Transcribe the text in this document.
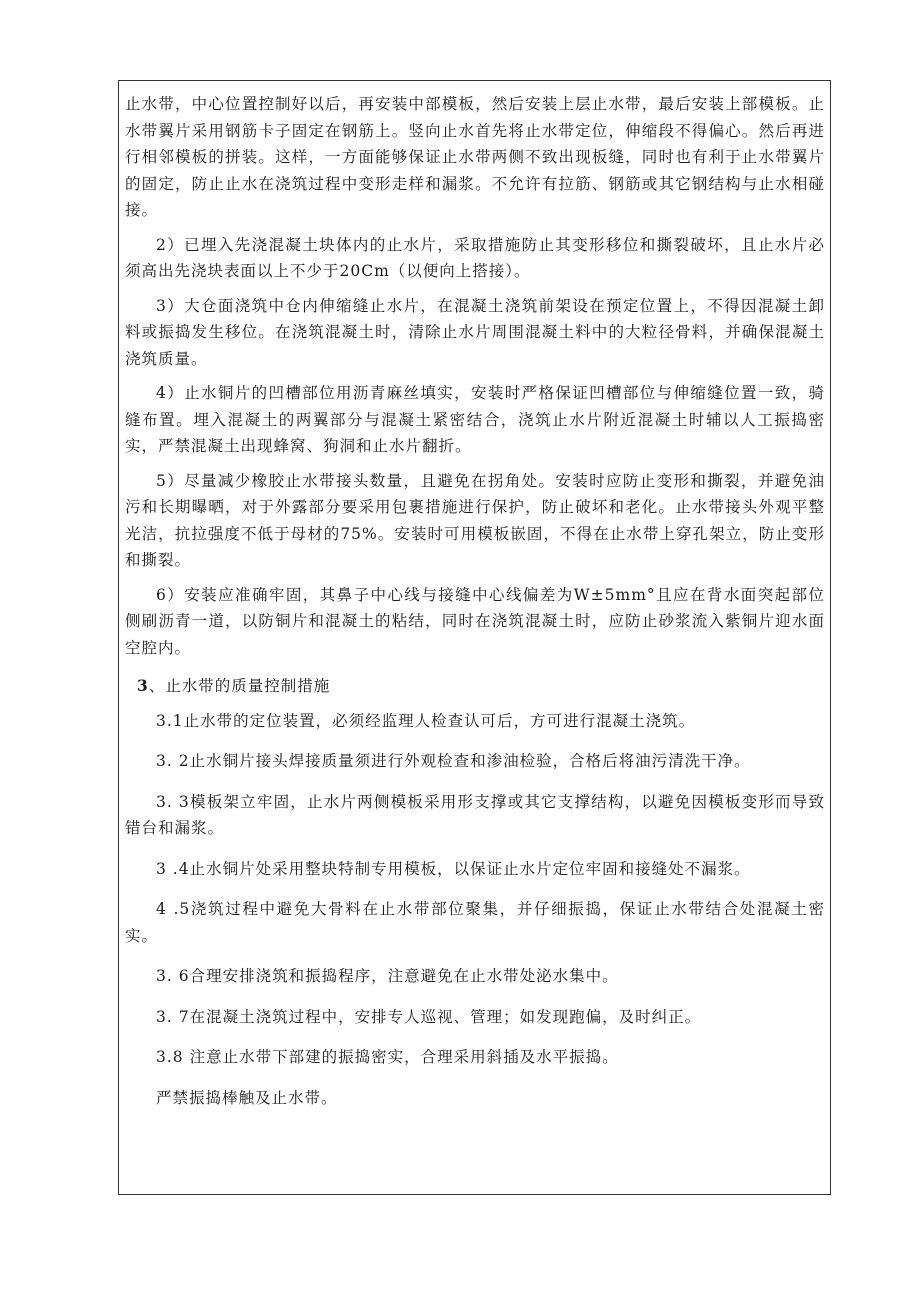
止水带，中心位置控制好以后，再安装中部模板，然后安装上层止水带，最后安装上部模板。止水带翼片采用钢筋卡子固定在钢筋上。竖向止水首先将止水带定位，伸缩段不得偏心。然后再进行相邻模板的拼装。这样，一方面能够保证止水带两侧不致出现板缝，同时也有利于止水带翼片的固定，防止止水在浇筑过程中变形走样和漏浆。不允许有拉筋、钢筋或其它钢结构与止水相碰接。

2）已埋入先浇混凝土块体内的止水片，采取措施防止其变形移位和撕裂破坏，且止水片必须高出先浇块表面以上不少于20Cm（以便向上搭接）。

3）大仓面浇筑中仓内伸缩缝止水片，在混凝土浇筑前架设在预定位置上，不得因混凝土卸料或振捣发生移位。在浇筑混凝土时，清除止水片周围混凝土料中的大粒径骨料，并确保混凝土浇筑质量。

4）止水铜片的凹槽部位用沥青麻丝填实，安装时严格保证凹槽部位与伸缩缝位置一致，骑缝布置。埋入混凝土的两翼部分与混凝土紧密结合，浇筑止水片附近混凝土时辅以人工振捣密实，严禁混凝土出现蜂窝、狗洞和止水片翻折。

5）尽量减少橡胶止水带接头数量，且避免在拐角处。安装时应防止变形和撕裂，并避免油污和长期曝晒，对于外露部分要采用包裹措施进行保护，防止破坏和老化。止水带接头外观平整光洁，抗拉强度不低于母材的75%。安装时可用模板嵌固，不得在止水带上穿孔架立，防止变形和撕裂。

6）安装应准确牢固，其鼻子中心线与接缝中心线偏差为W±5mm°且应在背水面突起部位侧刷沥青一道，以防铜片和混凝土的粘结，同时在浇筑混凝土时，应防止砂浆流入紫铜片迎水面空腔内。

3、止水带的质量控制措施

3.1止水带的定位装置，必须经监理人检查认可后，方可进行混凝土浇筑。

3. 2止水铜片接头焊接质量须进行外观检查和渗油检验，合格后将油污清洗干净。

3. 3模板架立牢固，止水片两侧模板采用形支撑或其它支撑结构，以避免因模板变形而导致错台和漏浆。

3 .4止水铜片处采用整块特制专用模板，以保证止水片定位牢固和接缝处不漏浆。

4 .5浇筑过程中避免大骨料在止水带部位聚集，并仔细振捣，保证止水带结合处混凝土密实。

3. 6合理安排浇筑和振捣程序，注意避免在止水带处泌水集中。

3. 7在混凝土浇筑过程中，安排专人巡视、管理；如发现跑偏，及时纠正。

3.8 注意止水带下部建的振捣密实，合理采用斜插及水平振捣。

严禁振捣棒触及止水带。
